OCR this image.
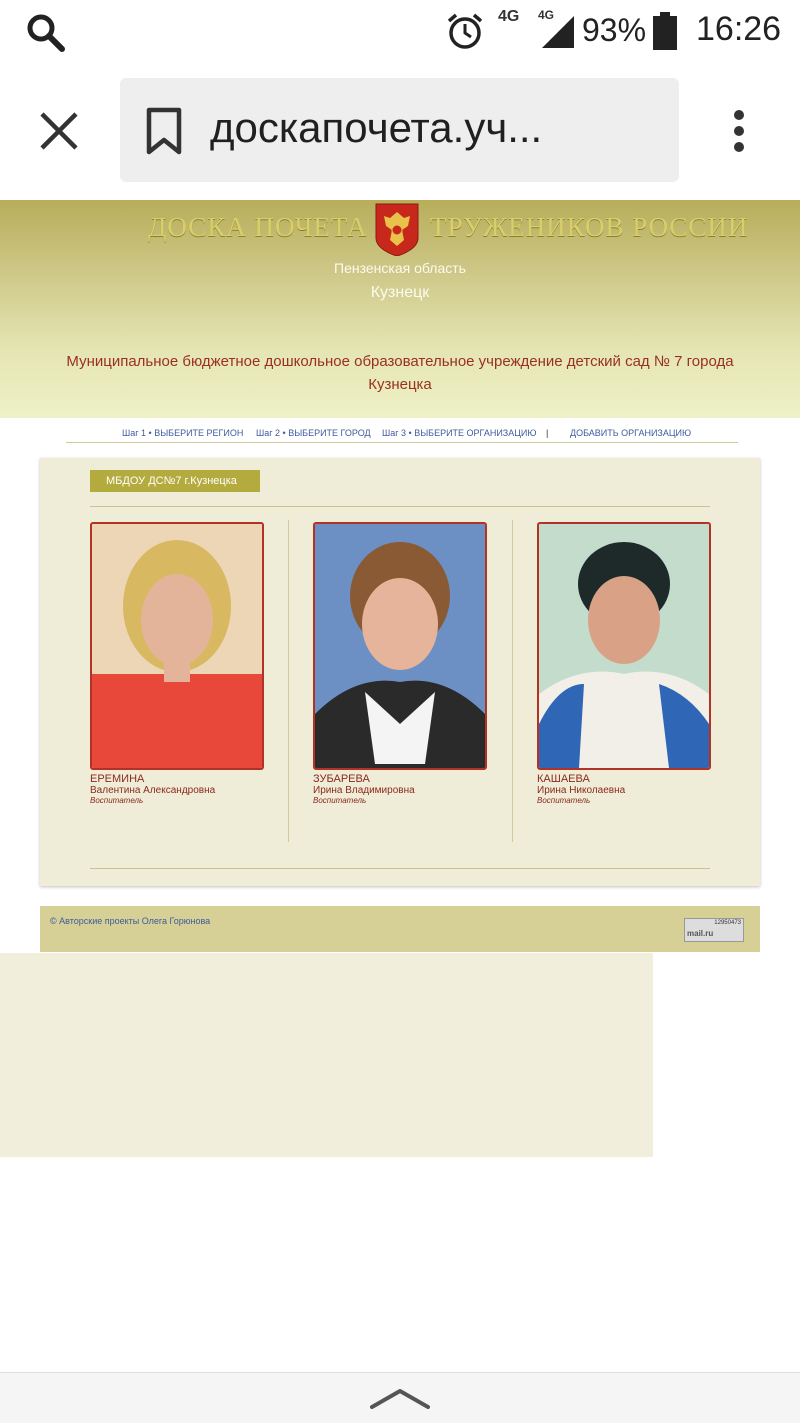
4G 4G 93% 16:26
доскапочета.уч...
ДОСКА ПОЧЕТА ТРУЖЕНИКОВ РОССИИ
Пензенская область
Кузнецк
Муниципальное бюджетное дошкольное образовательное учреждение детский сад № 7 города Кузнецка
Шаг 1 • ВЫБЕРИТЕ РЕГИОН Шаг 2 • ВЫБЕРИТЕ ГОРОД Шаг 3 • ВЫБЕРИТЕ ОРГАНИЗАЦИЮ | ДОБАВИТЬ ОРГАНИЗАЦИЮ
МБДОУ ДС№7 г.Кузнецка
ЕРЕМИНА
Валентина Александровна
Воспитатель
ЗУБАРЕВА
Ирина Владимировна
Воспитатель
КАШАЕВА
Ирина Николаевна
Воспитатель
© Авторские проекты Олега Горюнова	12950473
mail.ru
